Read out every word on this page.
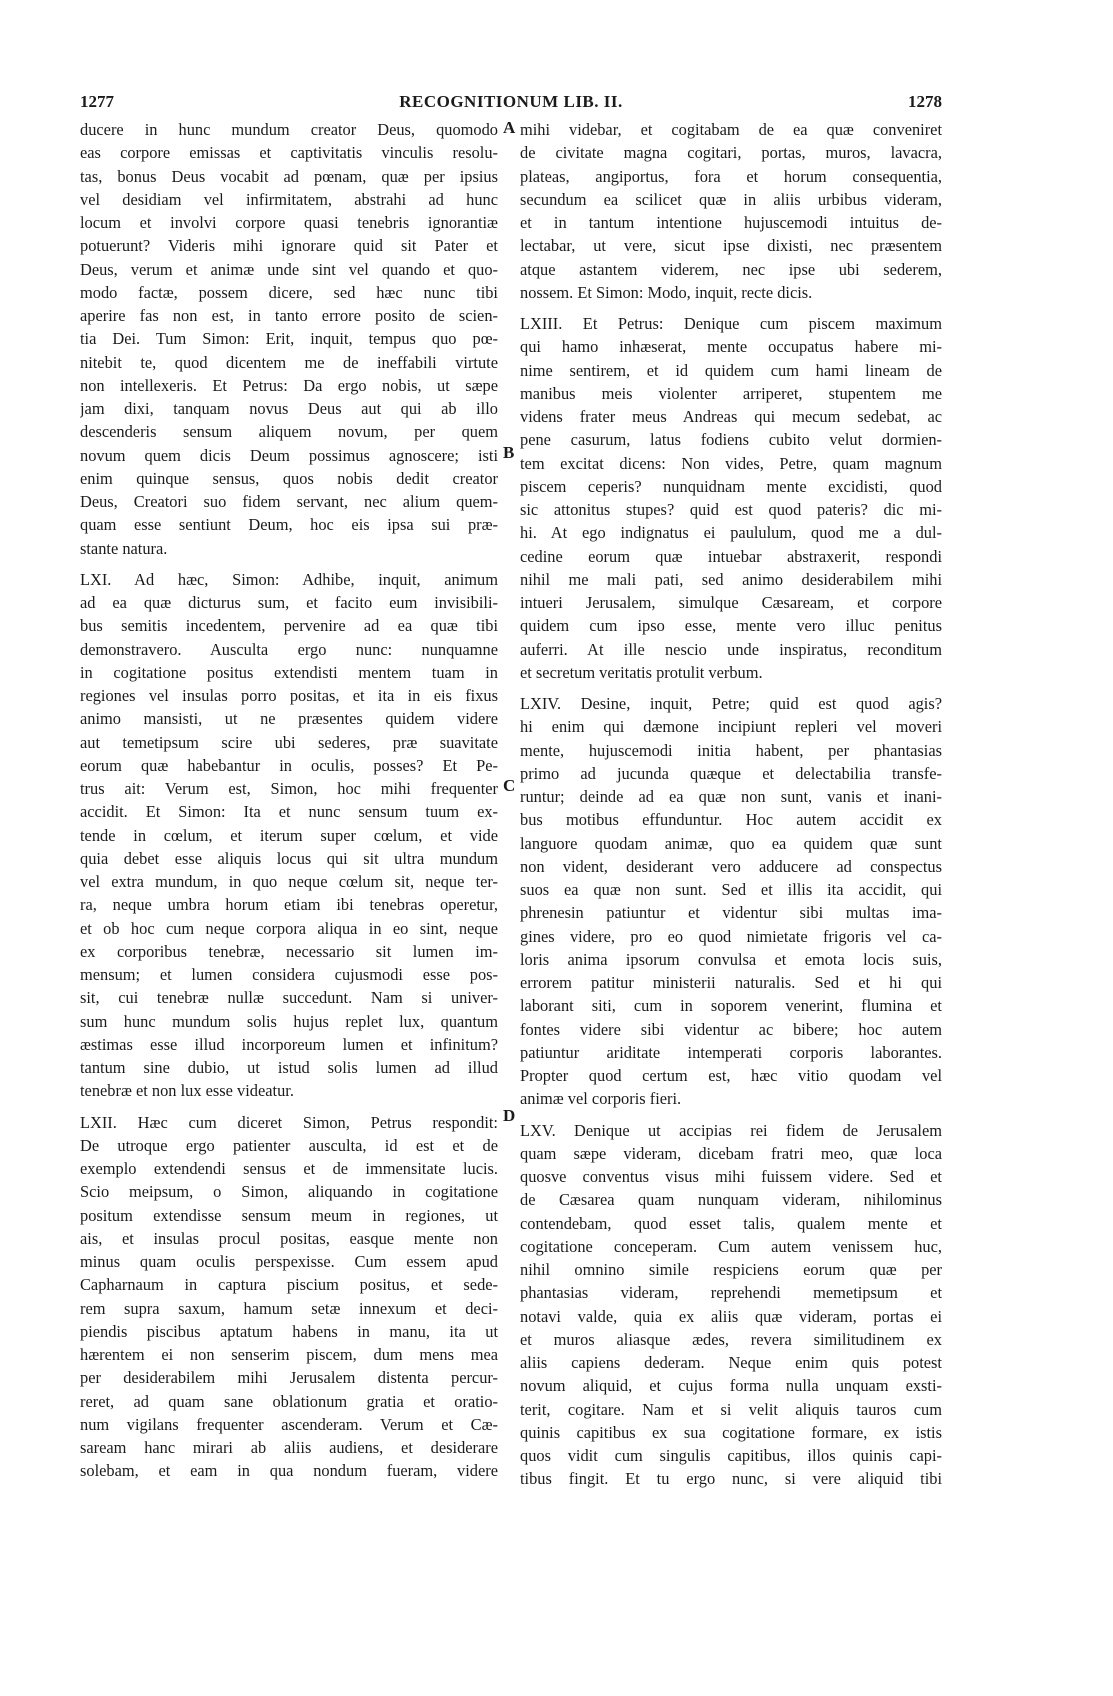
1277	RECOGNITIONUM LIB. II.	1278
ducere in hunc mundum creator Deus, quomodo
eas corpore emissas et captivitatis vinculis resolu-
tas, bonus Deus vocabit ad pœnam, quæ per ipsius
vel desidiam vel infirmitatem, abstrahi ad hunc
locum et involvi corpore quasi tenebris ignorantiæ
potuerunt? Videris mihi ignorare quid sit Pater et
Deus, verum et animæ unde sint vel quando et quo-
modo factæ, possem dicere, sed hæc nunc tibi
aperire fas non est, in tanto errore posito de scien-
tia Dei. Tum Simon: Erit, inquit, tempus quo pœ-
nitebit te, quod dicentem me de ineffabili virtute
non intellexeris. Et Petrus: Da ergo nobis, ut sæpe
jam dixi, tanquam novus Deus aut qui ab illo
descenderis sensum aliquem novum, per quem
novum quem dicis Deum possimus agnoscere; isti
enim quinque sensus, quos nobis dedit creator
Deus, Creatori suo fidem servant, nec alium quem-
quam esse sentiunt Deum, hoc eis ipsa sui præ-
stante natura.
LXI. Ad hæc, Simon: Adhibe, inquit, animum
ad ea quæ dicturus sum, et facito eum invisibili-
bus semitis incedentem, pervenire ad ea quæ tibi
demonstravero. Ausculta ergo nunc: nunquamne
in cogitatione positus extendisti mentem tuam in
regiones vel insulas porro positas, et ita in eis fixus
animo mansisti, ut ne præsentes quidem videre
aut temetipsum scire ubi sederes, præ suavitate
eorum quæ habebantur in oculis, posses? Et Pe-
trus ait: Verum est, Simon, hoc mihi frequenter
accidit. Et Simon: Ita et nunc sensum tuum ex-
tende in cœlum, et iterum super cœlum, et vide
quia debet esse aliquis locus qui sit ultra mundum
vel extra mundum, in quo neque cœlum sit, neque ter-
ra, neque umbra horum etiam ibi tenebras operetur,
et ob hoc cum neque corpora aliqua in eo sint, neque
ex corporibus tenebræ, necessario sit lumen im-
mensum; et lumen considera cujusmodi esse pos-
sit, cui tenebræ nullæ succedunt. Nam si univer-
sum hunc mundum solis hujus replet lux, quantum
æstimas esse illud incorporeum lumen et infinitum?
tantum sine dubio, ut istud solis lumen ad illud
tenebræ et non lux esse videatur.
LXII. Hæc cum diceret Simon, Petrus respondit:
De utroque ergo patienter ausculta, id est et de
exemplo extendendi sensus et de immensitate lucis.
Scio meipsum, o Simon, aliquando in cogitatione
positum extendisse sensum meum in regiones, ut
ais, et insulas procul positas, easque mente non
minus quam oculis perspexisse. Cum essem apud
Capharnaum in captura piscium positus, et sede-
rem supra saxum, hamum setæ innexum et deci-
piendis piscibus aptatum habens in manu, ita ut
hærentem ei non senserim piscem, dum mens mea
per desiderabilem mihi Jerusalem distenta percur-
reret, ad quam sane oblationum gratia et oratio-
num vigilans frequenter ascenderam. Verum et Cæ-
saream hanc mirari ab aliis audiens, et desiderare
solebam, et eam in qua nondum fueram, videre
mihi videbar, et cogitabam de ea quæ conveniret
de civitate magna cogitari, portas, muros, lavacra,
plateas, angiportus, fora et horum consequentia,
secundum ea scilicet quæ in aliis urbibus videram,
et in tantum intentione hujuscemodi intuitus de-
lectabar, ut vere, sicut ipse dixisti, nec præsentem
atque astantem viderem, nec ipse ubi sederem,
nossem. Et Simon: Modo, inquit, recte dicis.
LXIII. Et Petrus: Denique cum piscem maximum
qui hamo inhæserat, mente occupatus habere mi-
nime sentirem, et id quidem cum hami lineam de
manibus meis violenter arriperet, stupentem me
videns frater meus Andreas qui mecum sedebat, ac
pene casurum, latus fodiens cubito velut dormien-
tem excitat dicens: Non vides, Petre, quam magnum
piscem ceperis? nunquidnam mente excidisti, quod
sic attonitus stupes? quid est quod pateris? dic mi-
hi. At ego indignatus ei paululum, quod me a dul-
cedine eorum quæ intuebar abstraxerit, respondi
nihil me mali pati, sed animo desiderabilem mihi
intueri Jerusalem, simulque Cæsaream, et corpore
quidem cum ipso esse, mente vero illuc penitus
auferri. At ille nescio unde inspiratus, reconditum
et secretum veritatis protulit verbum.
LXIV. Desine, inquit, Petre; quid est quod agis?
hi enim qui dæmone incipiunt repleri vel moveri
mente, hujuscemodi initia habent, per phantasias
primo ad jucunda quæque et delectabilia transfe-
runtur; deinde ad ea quæ non sunt, vanis et inani-
bus motibus effunduntur. Hoc autem accidit ex
languore quodam animæ, quo ea quidem quæ sunt
non vident, desiderant vero adducere ad conspectus
suos ea quæ non sunt. Sed et illis ita accidit, qui
phrenesin patiuntur et videntur sibi multas ima-
gines videre, pro eo quod nimietate frigoris vel ca-
loris anima ipsorum convulsa et emota locis suis,
errorem patitur ministerii naturalis. Sed et hi qui
laborant siti, cum in soporem venerint, flumina et
fontes videre sibi videntur ac bibere; hoc autem
patiuntur ariditate intemperati corporis laborantes.
Propter quod certum est, hæc vitio quodam vel
animæ vel corporis fieri.
LXV. Denique ut accipias rei fidem de Jerusalem
quam sæpe videram, dicebam fratri meo, quæ loca
quosve conventus visus mihi fuissem videre. Sed et
de Cæsarea quam nunquam videram, nihilominus
contendebam, quod esset talis, qualem mente et
cogitatione conceperam. Cum autem venissem huc,
nihil omnino simile respiciens eorum quæ per
phantasias videram, reprehendi memetipsum et
notavi valde, quia ex aliis quæ videram, portas ei
et muros aliasque ædes, revera similitudinem ex
aliis capiens dederam. Neque enim quis potest
novum aliquid, et cujus forma nulla unquam exsti-
terit, cogitare. Nam et si velit aliquis tauros cum
quinis capitibus ex sua cogitatione formare, ex istis
quos vidit cum singulis capitibus, illos quinis capi-
tibus fingit. Et tu ergo nunc, si vere aliquid tibi
A
B
C
D
